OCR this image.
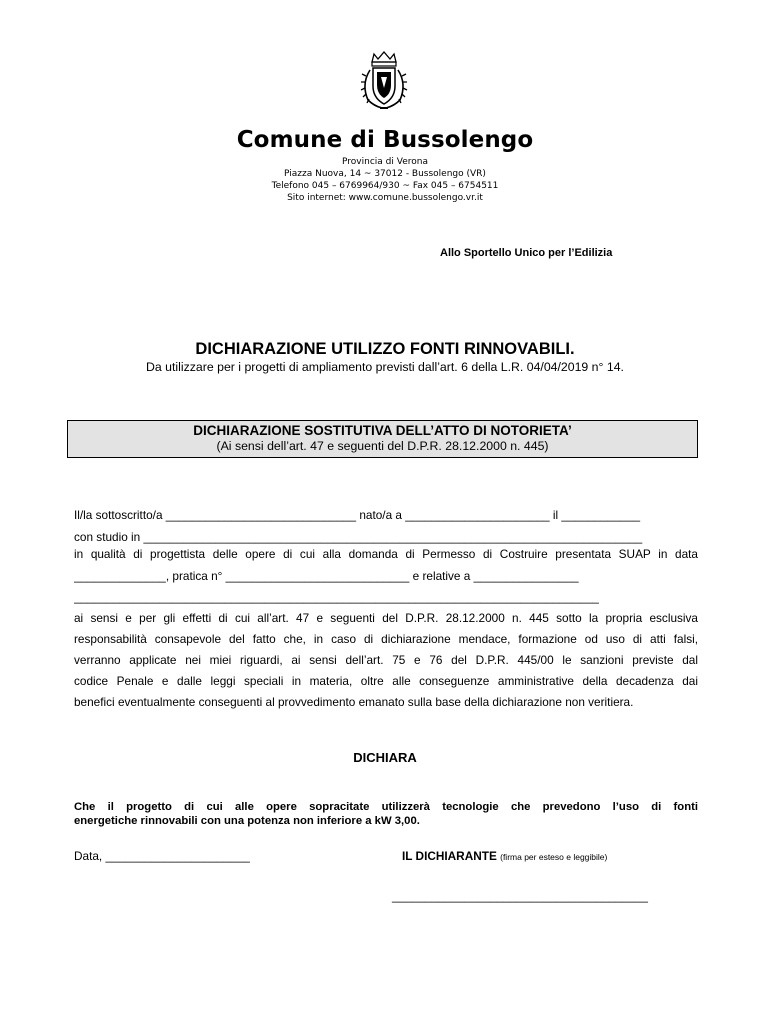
Comune di Bussolengo
Provincia di Verona
Piazza Nuova, 14 ~ 37012 - Bussolengo (VR)
Telefono 045 – 6769964/930 ~ Fax 045 – 6754511
Sito internet: www.comune.bussolengo.vr.it
Allo Sportello Unico per l’Edilizia
DICHIARAZIONE UTILIZZO FONTI RINNOVABILI.
Da utilizzare per i progetti di ampliamento previsti dall’art. 6 della L.R. 04/04/2019 n° 14.
DICHIARAZIONE SOSTITUTIVA DELL’ATTO DI NOTORIETA’
(Ai sensi dell’art. 47 e seguenti del D.P.R. 28.12.2000 n. 445)
Il/la sottoscritto/a _____________________________ nato/a a ______________________ il ____________
con studio in ____________________________________________________________________________
in qualità di progettista delle opere di cui alla domanda di Permesso di Costruire presentata SUAP in data
______________, pratica n° ____________________________ e relative a ________________
________________________________________________________________________________
ai sensi e per gli effetti di cui all’art. 47 e seguenti del D.P.R. 28.12.2000 n. 445 sotto la propria esclusiva
responsabilità consapevole del fatto che, in caso di dichiarazione mendace, formazione od uso di atti falsi,
verranno applicate nei miei riguardi, ai sensi dell’art. 75 e 76 del D.P.R. 445/00 le sanzioni previste dal
codice Penale e dalle leggi speciali in materia, oltre alle conseguenze amministrative della decadenza dai
benefici eventualmente conseguenti al provvedimento emanato sulla base della dichiarazione non veritiera.
DICHIARA
Che il progetto di cui alle opere sopracitate utilizzerà tecnologie che prevedono l’uso di fonti
energetiche rinnovabili con una potenza non inferiore a kW 3,00.
Data, ______________________	IL DICHIARANTE (firma per esteso e leggibile)
_______________________________________
